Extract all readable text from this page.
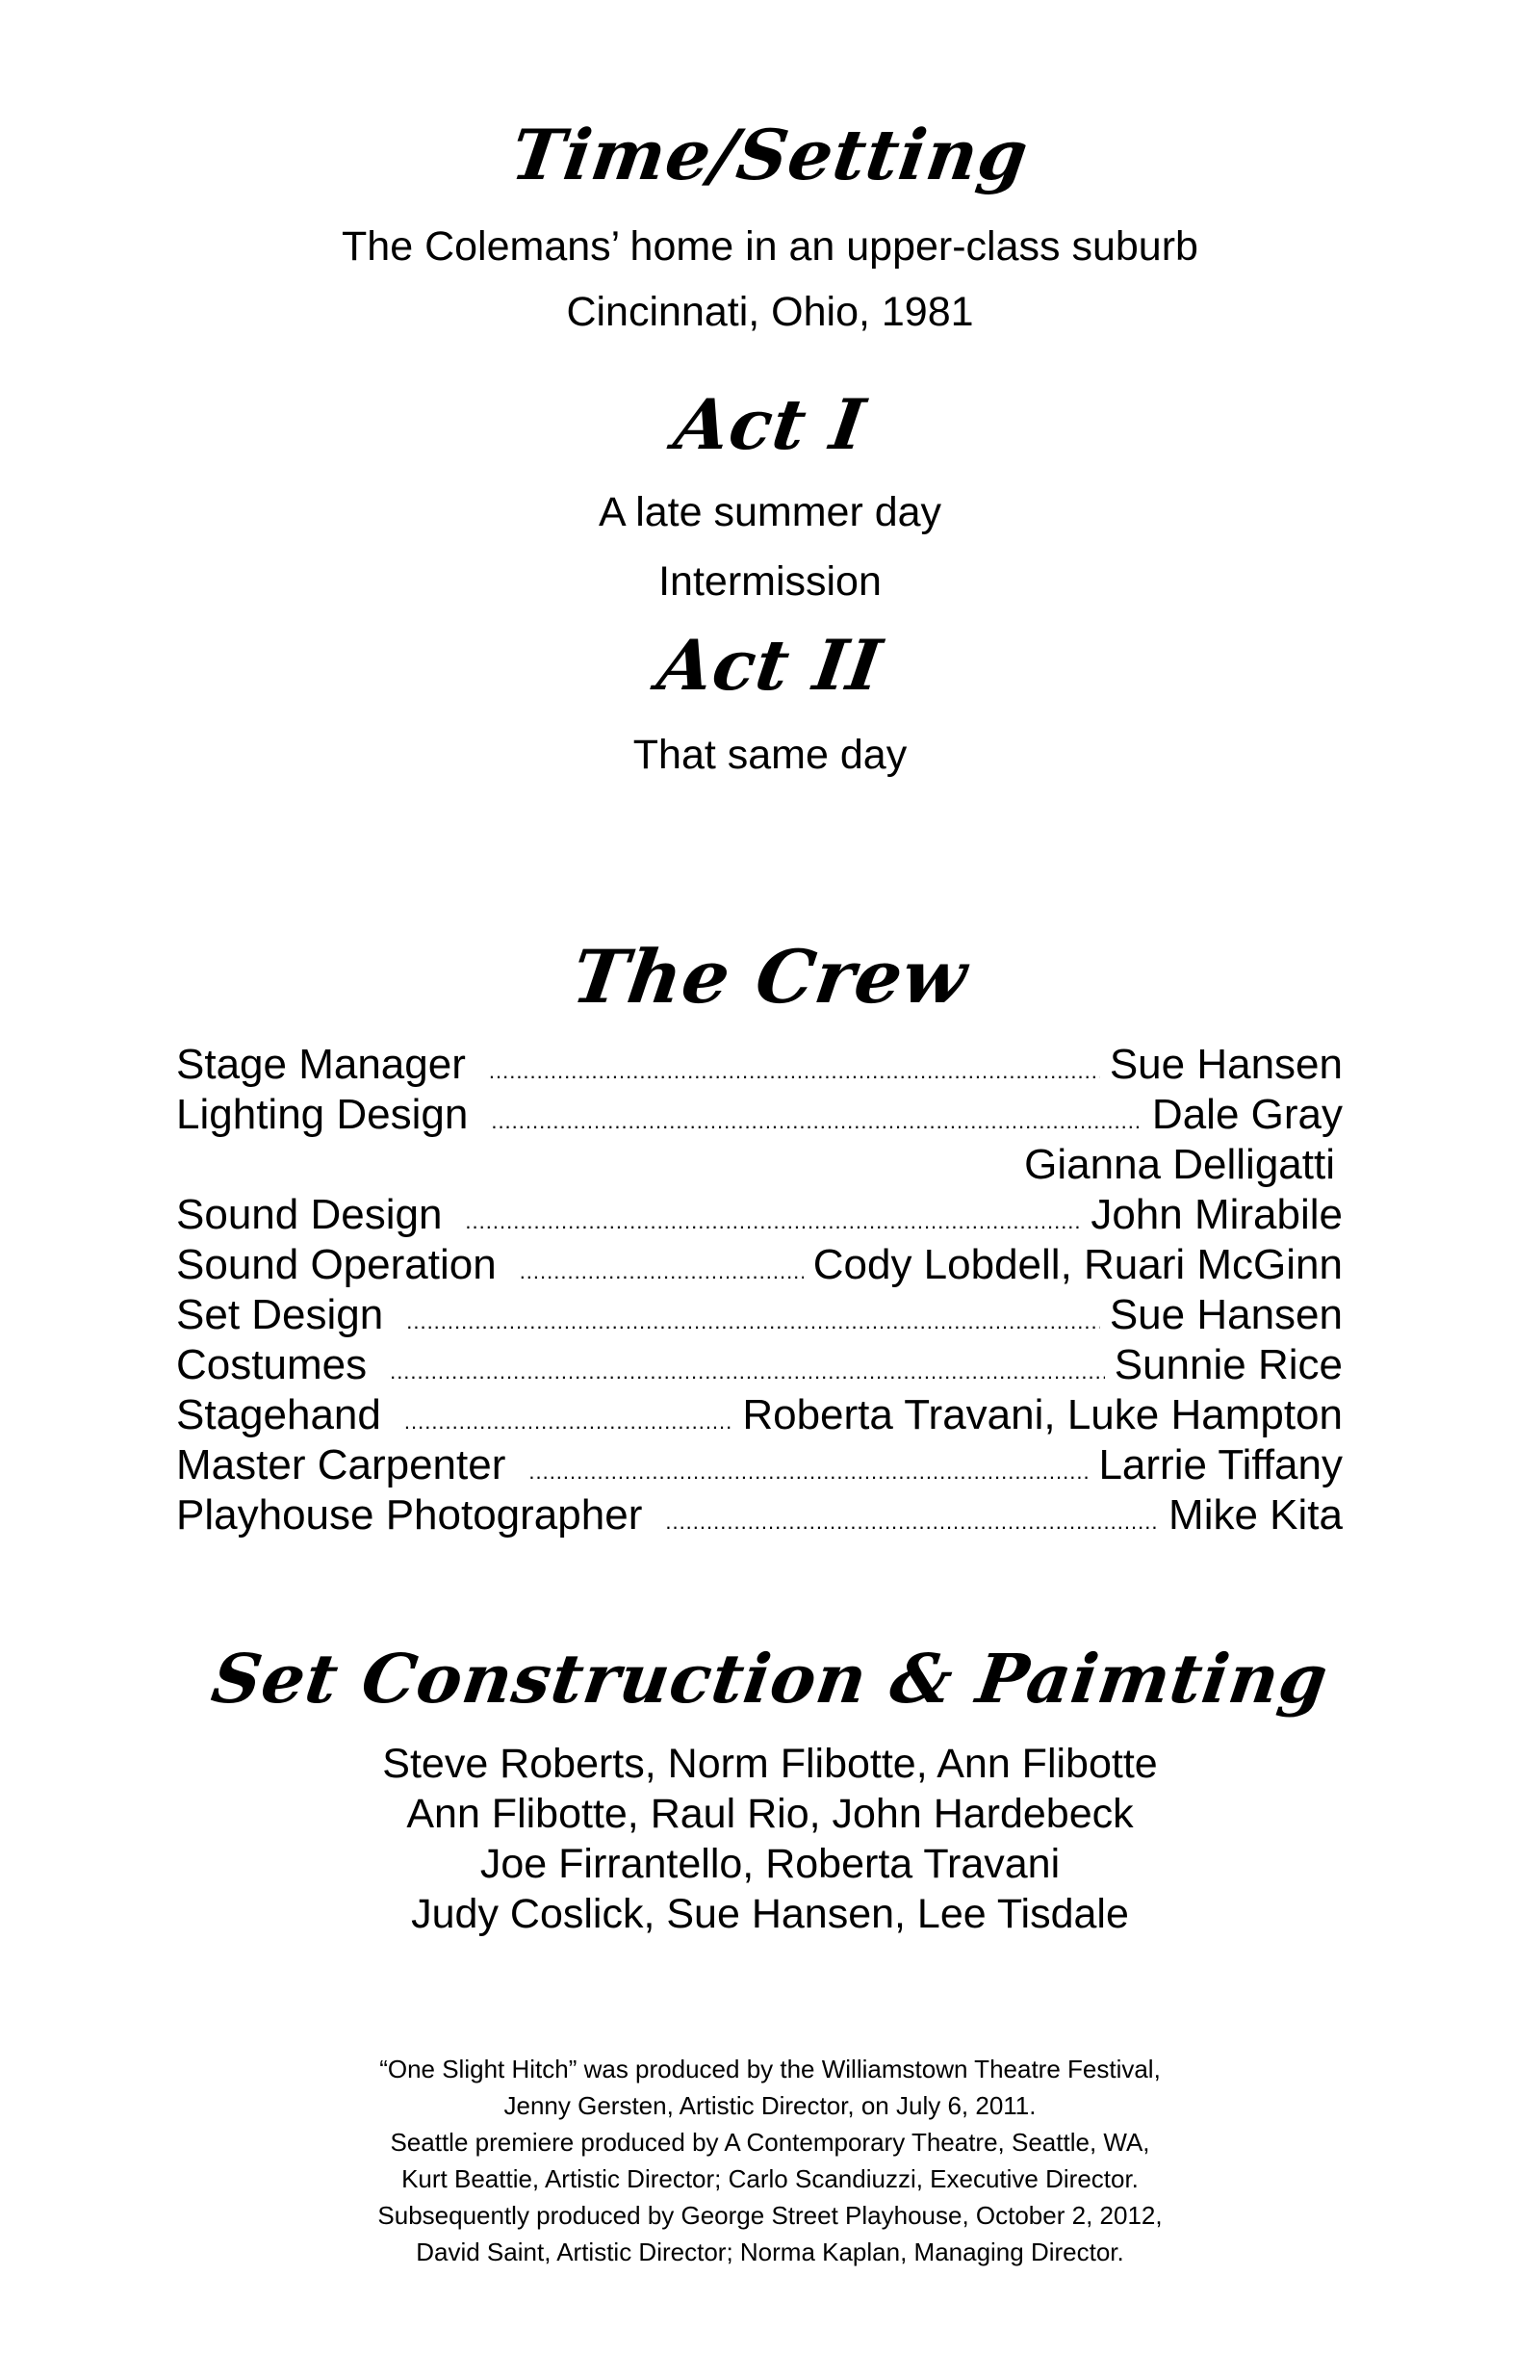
Time/Setting
The Colemans’ home in an upper-class suburb
Cincinnati, Ohio, 1981
Act I
A late summer day
Intermission
Act II
That same day
The Crew
Stage Manager .....	Sue Hansen
Lighting Design .....	Dale Gray
Gianna Delligatti
Sound Design .....	John Mirabile
Sound Operation .....	Cody Lobdell, Ruari McGinn
Set Design .....	Sue Hansen
Costumes .....	Sunnie Rice
Stagehand .....	Roberta Travani, Luke Hampton
Master Carpenter .....	Larrie Tiffany
Playhouse Photographer .....	Mike Kita
Set Construction & Paimting
Steve Roberts, Norm Flibotte, Ann Flibotte
Ann Flibotte, Raul Rio, John Hardebeck
Joe Firrantello, Roberta Travani
Judy Coslick, Sue Hansen, Lee Tisdale
“One Slight Hitch” was produced by the Williamstown Theatre Festival,
Jenny Gersten, Artistic Director, on July 6, 2011.
Seattle premiere produced by A Contemporary Theatre, Seattle, WA,
Kurt Beattie, Artistic Director; Carlo Scandiuzzi, Executive Director.
Subsequently produced by George Street Playhouse, October 2, 2012,
David Saint, Artistic Director; Norma Kaplan, Managing Director.
